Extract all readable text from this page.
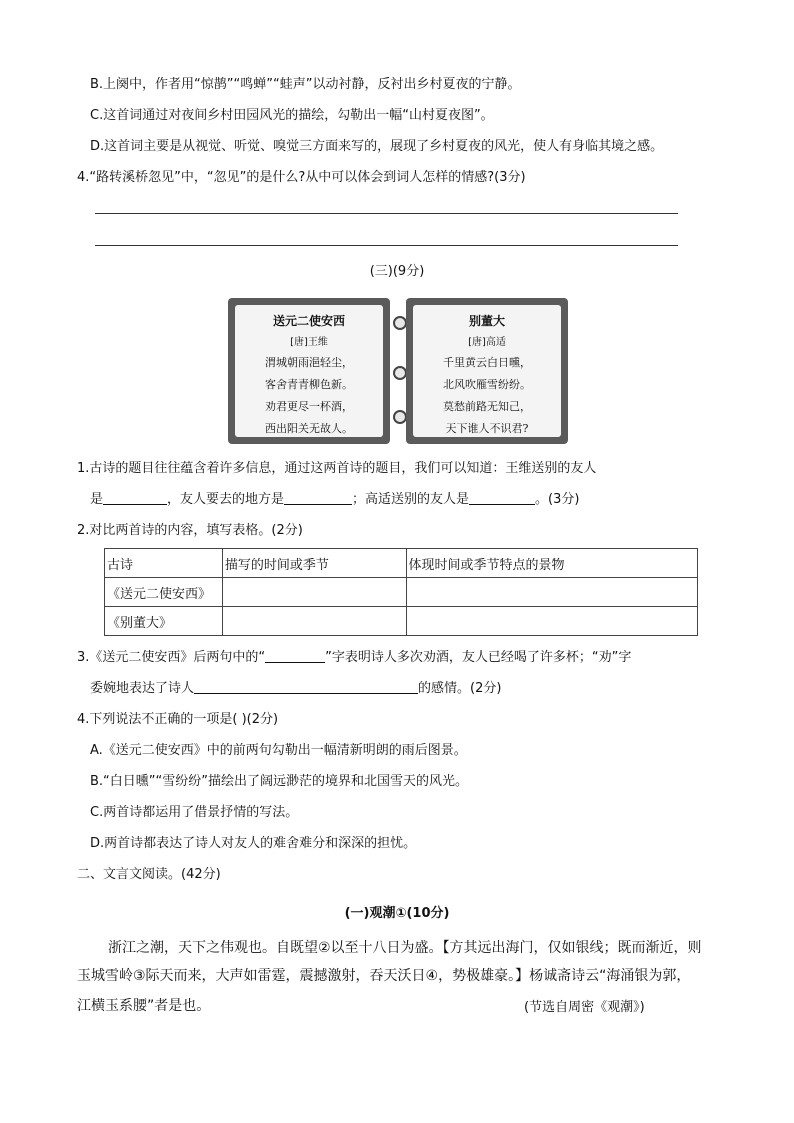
B.上阕中，作者用“惊鹊”“鸣蝉”“蛙声”以动衬静，反衬出乡村夏夜的宁静。
C.这首词通过对夜间乡村田园风光的描绘，勾勒出一幅“山村夏夜图”。
D.这首词主要是从视觉、听觉、嗅觉三方面来写的，展现了乡村夏夜的风光，使人有身临其境之感。
4.“路转溪桥忽见”中，“忽见”的是什么?从中可以体会到词人怎样的情感?(3分)
(三)(9分)
送元二使安西
[唐]王维
渭城朝雨浥轻尘，
客舍青青柳色新。
劝君更尽一杯酒，
西出阳关无故人。
别董大
[唐]高适
千里黄云白日曛，
北风吹雁雪纷纷。
莫愁前路无知己，
天下谁人不识君?
1.古诗的题目往往蕴含着许多信息，通过这两首诗的题目，我们可以知道：王维送别的友人
是	，友人要去的地方是	；高适送别的友人是	。(3分)
2.对比两首诗的内容，填写表格。(2分)
古诗	描写的时间或季节	体现时间或季节特点的景物
《送元二使安西》		
《别董大》		
3.《送元二使安西》后两句中的“	”字表明诗人多次劝酒，友人已经喝了许多杯；“劝”字
委婉地表达了诗人	的感情。(2分)
4.下列说法不正确的一项是( )(2分)
A.《送元二使安西》中的前两句勾勒出一幅清新明朗的雨后图景。
B.“白日曛”“雪纷纷”描绘出了阔远渺茫的境界和北国雪天的风光。
C.两首诗都运用了借景抒情的写法。
D.两首诗都表达了诗人对友人的难舍难分和深深的担忧。
二、文言文阅读。(42分)
(一)观潮①(10分)
浙江之潮，天下之伟观也。自既望②以至十八日为盛。【方其远出海门，仅如银线；既而渐近，则
玉城雪岭③际天而来，大声如雷霆，震撼激射，吞天沃日④，势极雄豪。】杨诚斋诗云“海涌银为郭，
江横玉系腰”者是也。	(节选自周密《观潮》)
